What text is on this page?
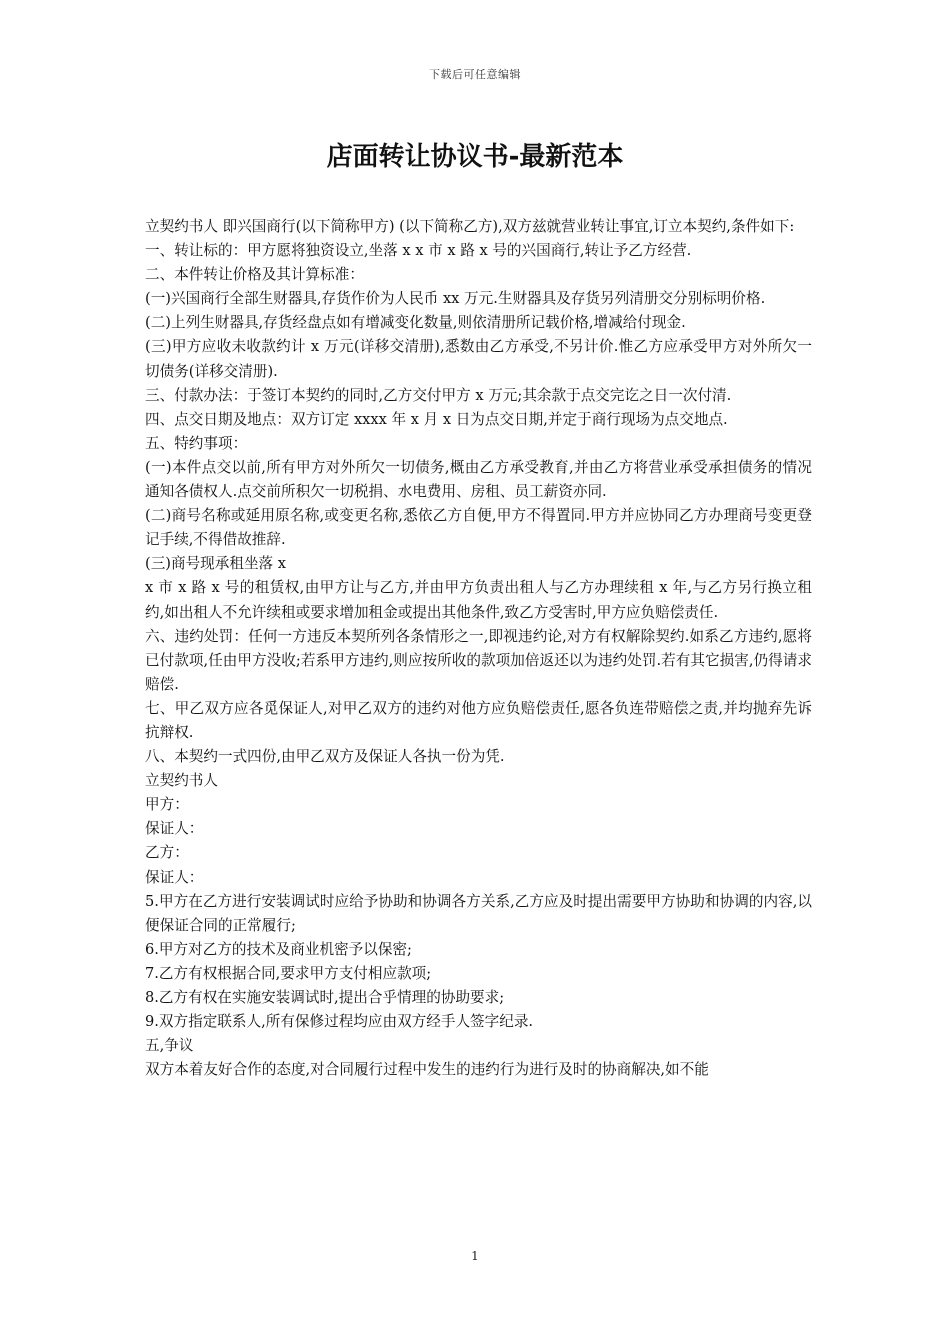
下载后可任意编辑
店面转让协议书-最新范本

立契约书人 即兴国商行(以下简称甲方) (以下简称乙方),双方兹就营业转让事宜,订立本契约,条件如下:

一、转让标的：甲方愿将独资设立,坐落 x x 市 x 路 x 号的兴国商行,转让予乙方经营.

二、本件转让价格及其计算标准：

(一)兴国商行全部生财器具,存货作价为人民币 xx 万元.生财器具及存货另列清册交分别标明价格.

(二)上列生财器具,存货经盘点如有增减变化数量,则依清册所记载价格,增减给付现金.

(三)甲方应收未收款约计 x 万元(详移交清册),悉数由乙方承受,不另计价.惟乙方应承受甲方对外所欠一切债务(详移交清册).

三、付款办法：于签订本契约的同时,乙方交付甲方 x 万元;其余款于点交完讫之日一次付清.

四、点交日期及地点：双方订定 xxxx 年 x 月 x 日为点交日期,并定于商行现场为点交地点.

五、特约事项：

(一)本件点交以前,所有甲方对外所欠一切债务,概由乙方承受教育,并由乙方将营业承受承担债务的情况通知各债权人.点交前所积欠一切税捐、水电费用、房租、员工薪资亦同.

(二)商号名称或延用原名称,或变更名称,悉依乙方自便,甲方不得置同.甲方并应协同乙方办理商号变更登记手续,不得借故推辞.

(三)商号现承租坐落 x

x 市 x 路 x 号的租赁权,由甲方让与乙方,并由甲方负责出租人与乙方办理续租 x 年,与乙方另行换立租约,如出租人不允许续租或要求增加租金或提出其他条件,致乙方受害时,甲方应负赔偿责任.

六、违约处罚：任何一方违反本契所列各条情形之一,即视违约论,对方有权解除契约.如系乙方违约,愿将已付款项,任由甲方没收;若系甲方违约,则应按所收的款项加倍返还以为违约处罚.若有其它损害,仍得请求赔偿.

七、甲乙双方应各觅保证人,对甲乙双方的违约对他方应负赔偿责任,愿各负连带赔偿之责,并均抛弃先诉抗辩权.

八、本契约一式四份,由甲乙双方及保证人各执一份为凭.

立契约书人

甲方：

保证人：

乙方：

保证人：

5.甲方在乙方进行安装调试时应给予协助和协调各方关系,乙方应及时提出需要甲方协助和协调的内容,以便保证合同的正常履行;

6.甲方对乙方的技术及商业机密予以保密;

7.乙方有权根据合同,要求甲方支付相应款项;

8.乙方有权在实施安装调试时,提出合乎情理的协助要求;

9.双方指定联系人,所有保修过程均应由双方经手人签字纪录.

五,争议

双方本着友好合作的态度,对合同履行过程中发生的违约行为进行及时的协商解决,如不能

1
